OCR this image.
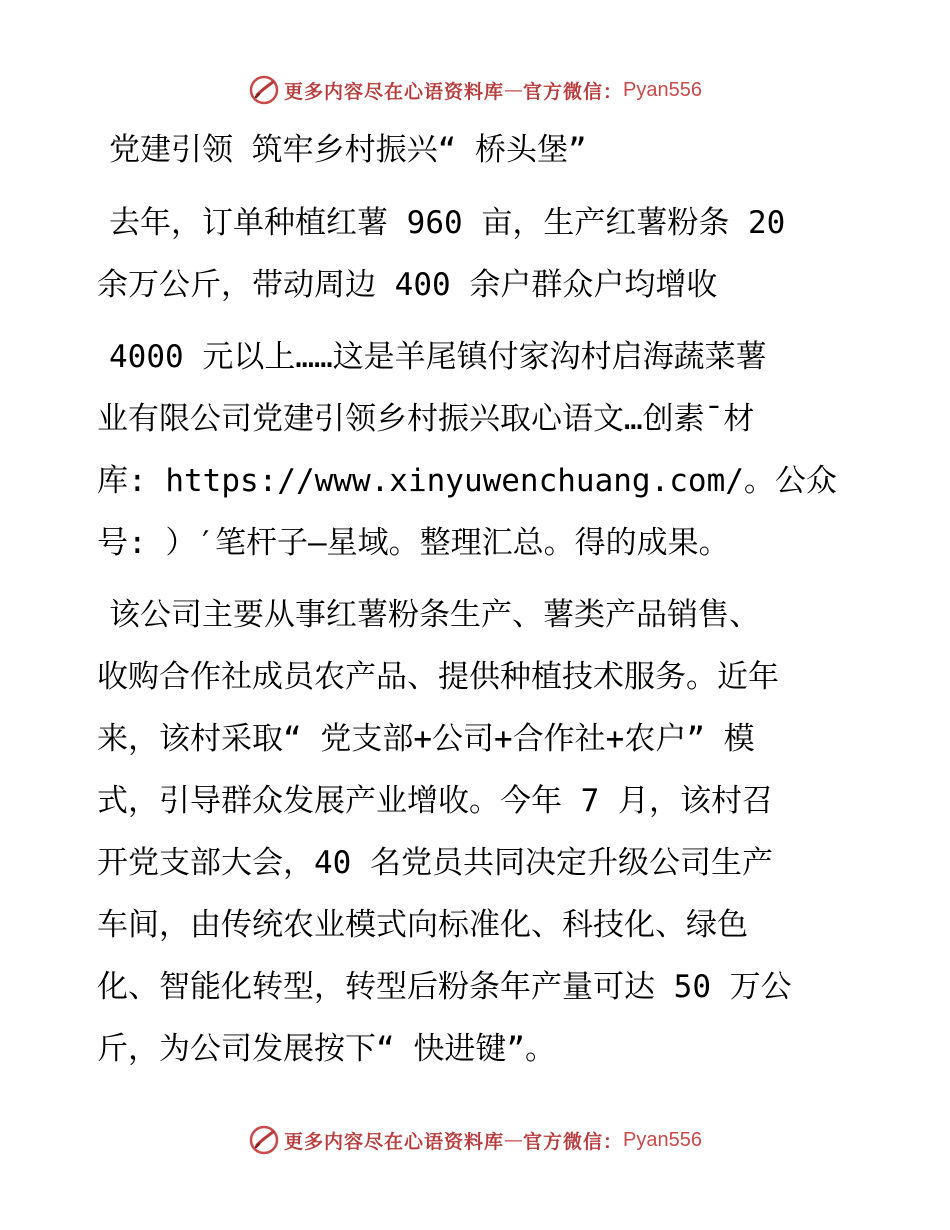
更多内容尽在心语资料库 — 官方微信： Pyan556
党建引领 筑牢乡村振兴“ 桥头堡”
去年，订单种植红薯 960 亩，生产红薯粉条 20
余万公斤，带动周边 400 余户群众户均增收
4000 元以上……这是羊尾镇付家沟村启海蔬菜薯
业有限公司党建引领乡村振兴取心语文…创素¯材
库: https://www.xinyuwenchuang.com/。公众
号: ）′笔杆子—星域。整理汇总。得的成果。
该公司主要从事红薯粉条生产、薯类产品销售、
收购合作社成员农产品、提供种植技术服务。近年
来，该村采取“ 党支部+公司+合作社+农户” 模
式，引导群众发展产业增收。今年 7 月，该村召
开党支部大会，40 名党员共同决定升级公司生产
车间，由传统农业模式向标准化、科技化、绿色
化、智能化转型，转型后粉条年产量可达 50 万公
斤，为公司发展按下“ 快进键”。
更多内容尽在心语资料库 — 官方微信： Pyan556
